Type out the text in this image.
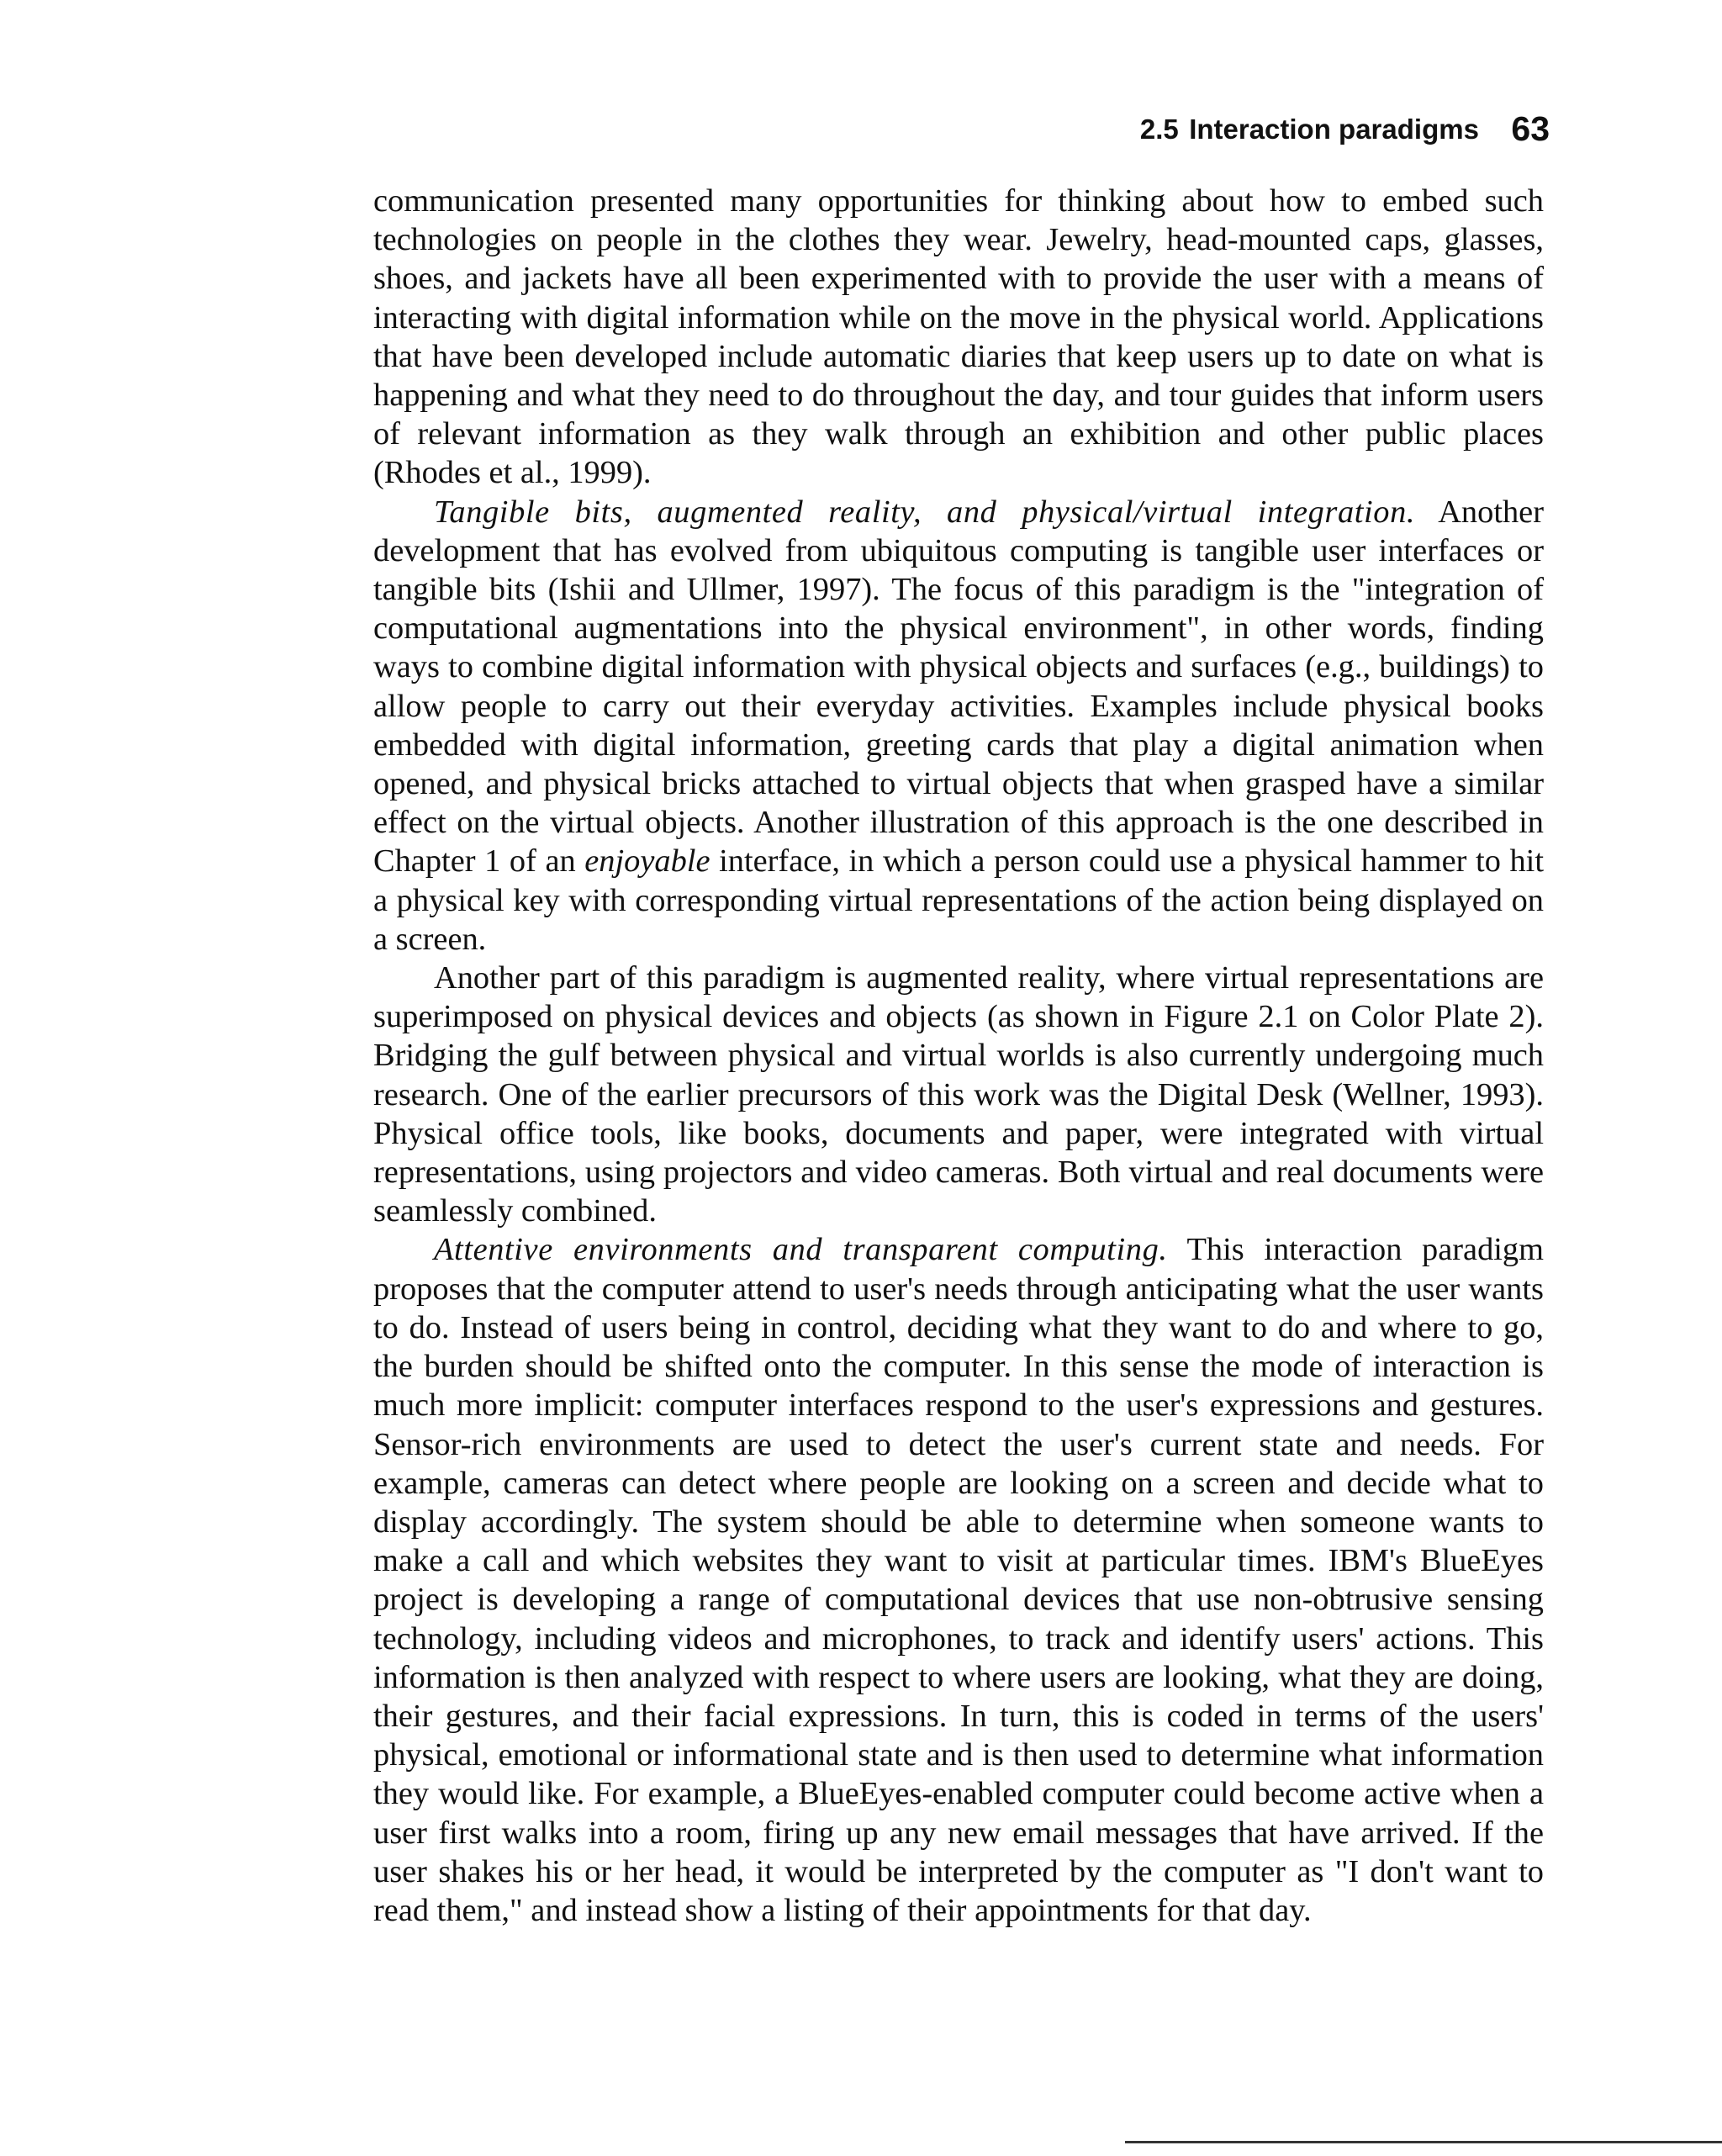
2.5 Interaction paradigms 63

communication presented many opportunities for thinking about how to embed such technologies on people in the clothes they wear. Jewelry, head-mounted caps, glasses, shoes, and jackets have all been experimented with to provide the user with a means of interacting with digital information while on the move in the physical world. Applications that have been developed include automatic diaries that keep users up to date on what is happening and what they need to do throughout the day, and tour guides that inform users of relevant information as they walk through an exhibition and other public places (Rhodes et al., 1999).

Tangible bits, augmented reality, and physical/virtual integration. Another development that has evolved from ubiquitous computing is tangible user interfaces or tangible bits (Ishii and Ullmer, 1997). The focus of this paradigm is the "integration of computational augmentations into the physical environment", in other words, finding ways to combine digital information with physical objects and surfaces (e.g., buildings) to allow people to carry out their everyday activities. Examples include physical books embedded with digital information, greeting cards that play a digital animation when opened, and physical bricks attached to virtual objects that when grasped have a similar effect on the virtual objects. Another illustration of this approach is the one described in Chapter 1 of an enjoyable interface, in which a person could use a physical hammer to hit a physical key with corresponding virtual representations of the action being displayed on a screen.

Another part of this paradigm is augmented reality, where virtual representations are superimposed on physical devices and objects (as shown in Figure 2.1 on Color Plate 2). Bridging the gulf between physical and virtual worlds is also currently undergoing much research. One of the earlier precursors of this work was the Digital Desk (Wellner, 1993). Physical office tools, like books, documents and paper, were integrated with virtual representations, using projectors and video cameras. Both virtual and real documents were seamlessly combined.

Attentive environments and transparent computing. This interaction paradigm proposes that the computer attend to user's needs through anticipating what the user wants to do. Instead of users being in control, deciding what they want to do and where to go, the burden should be shifted onto the computer. In this sense the mode of interaction is much more implicit: computer interfaces respond to the user's expressions and gestures. Sensor-rich environments are used to detect the user's current state and needs. For example, cameras can detect where people are looking on a screen and decide what to display accordingly. The system should be able to determine when someone wants to make a call and which websites they want to visit at particular times. IBM's BlueEyes project is developing a range of computational devices that use non-obtrusive sensing technology, including videos and microphones, to track and identify users' actions. This information is then analyzed with respect to where users are looking, what they are doing, their gestures, and their facial expressions. In turn, this is coded in terms of the users' physical, emotional or informational state and is then used to determine what information they would like. For example, a BlueEyes-enabled computer could become active when a user first walks into a room, firing up any new email messages that have arrived. If the user shakes his or her head, it would be interpreted by the computer as "I don't want to read them," and instead show a listing of their appointments for that day.
